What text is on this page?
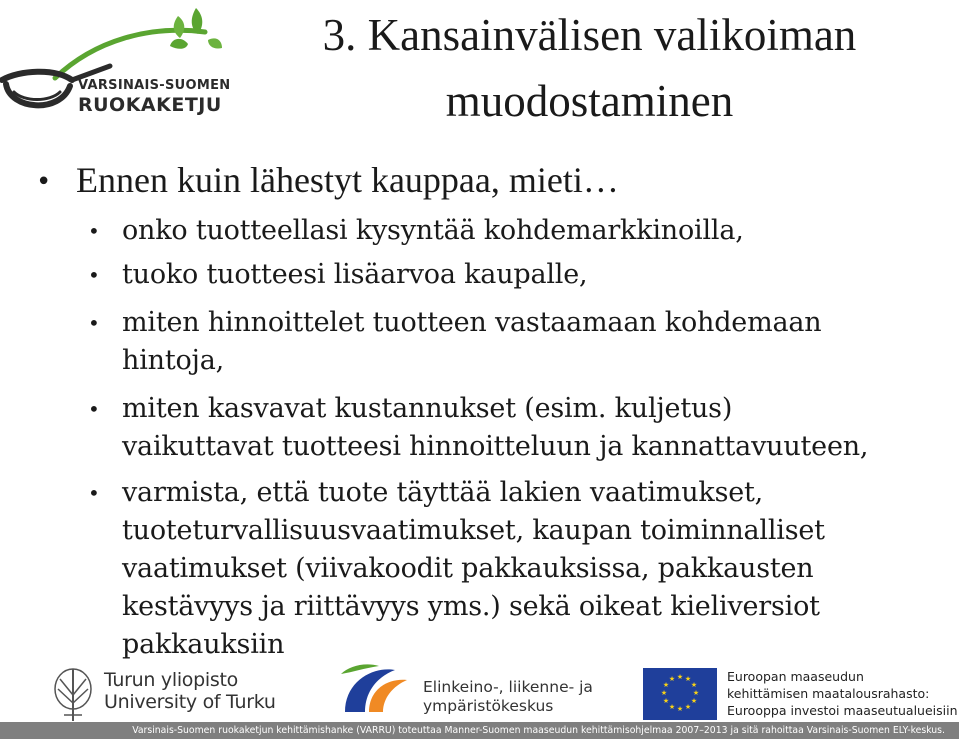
VARSINAIS-SUOMEN
RUOKAKETJU
3. Kansainvälisen valikoiman
muodostaminen
• Ennen kuin lähestyt kauppaa, mieti…
• onko tuotteellasi kysyntää kohdemarkkinoilla,
• tuoko tuotteesi lisäarvoa kaupalle,
• miten hinnoittelet tuotteen vastaamaan kohdemaan
hintoja,
• miten kasvavat kustannukset (esim. kuljetus)
vaikuttavat tuotteesi hinnoitteluun ja kannattavuuteen,
• varmista, että tuote täyttää lakien vaatimukset,
tuoteturvallisuusvaatimukset, kaupan toiminnalliset
vaatimukset (viivakoodit pakkauksissa, pakkausten
kestävyys ja riittävyys yms.) sekä oikeat kieliversiot
pakkauksiin
Turun yliopisto
University of Turku
Elinkeino-, liikenne- ja
ympäristökeskus
★ ★
★
★
★
★
★
★
★
★
★
★	Euroopan maaseudun
kehittämisen maatalousrahasto:
Eurooppa investoi maaseutualueisiin
Varsinais-Suomen ruokaketjun kehittämishanke (VARRU) toteuttaa Manner-Suomen maaseudun kehittämisohjelmaa 2007–2013 ja sitä rahoittaa Varsinais-Suomen ELY-keskus.
